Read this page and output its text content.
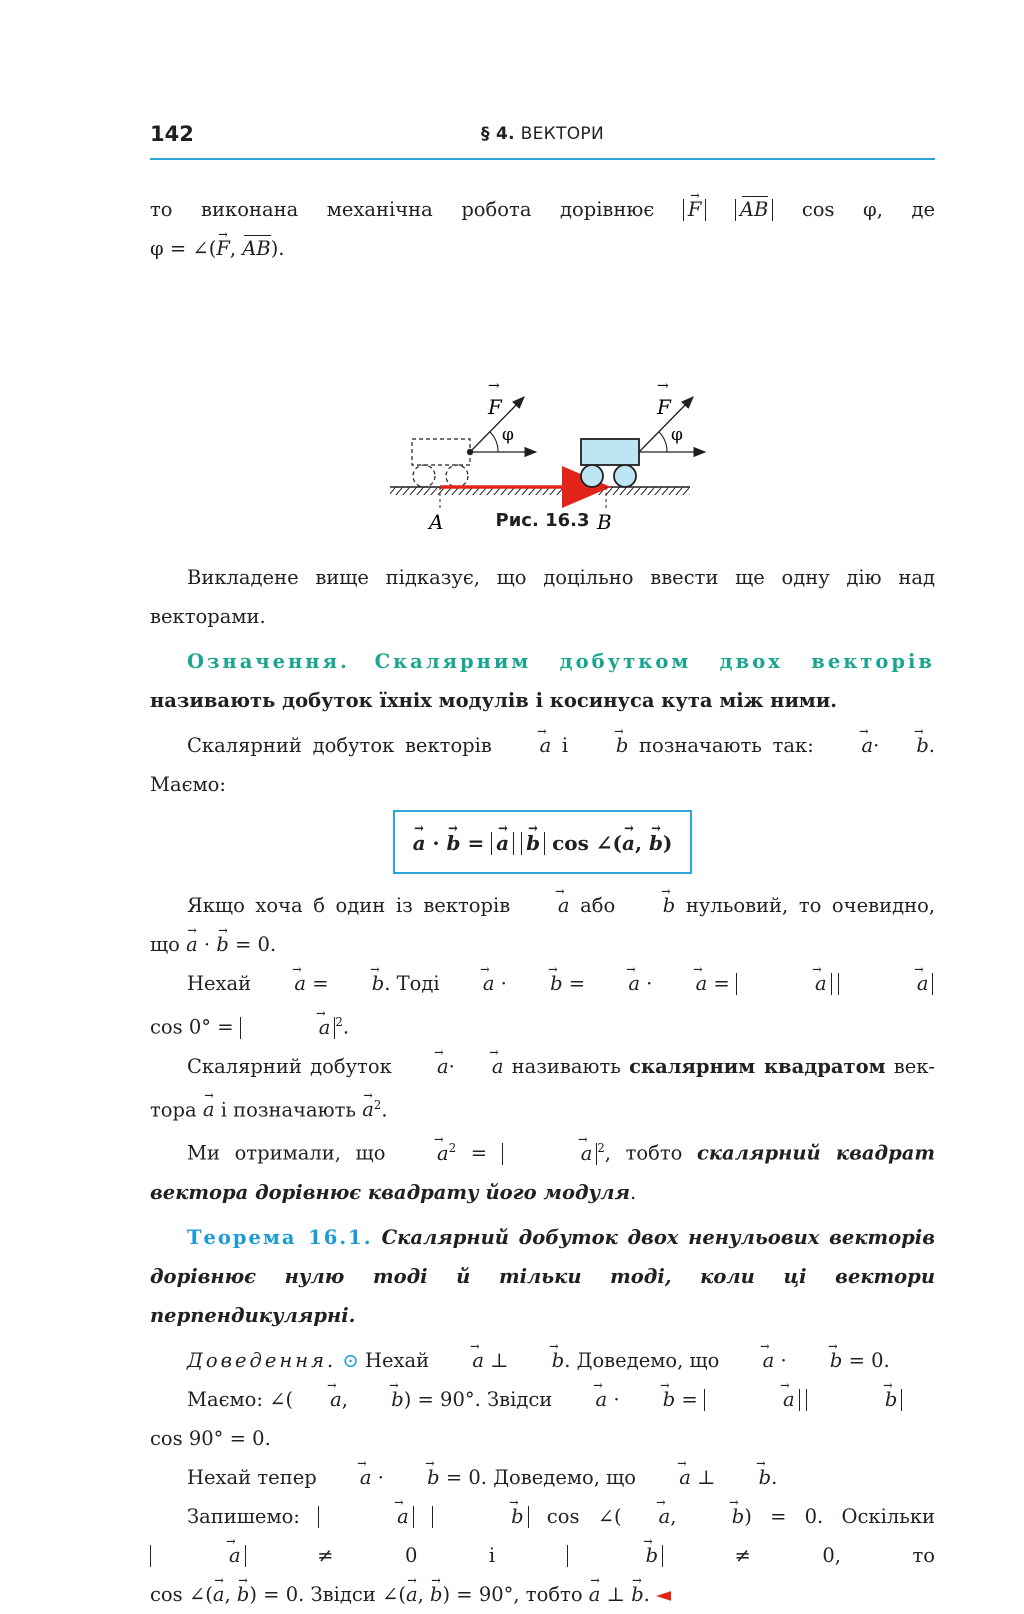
142	§ 4. ВЕКТОРИ

то виконана механічна робота дорівнює → F AB cos φ, де

φ = ∠(→ F, AB).

F
→
F
→
φ	φ
A	B
Рис. 16.3

Викладене вище підказує, що доцільно ввести ще одну дію над векторами.

Означення. Скалярним добутком двох векторів називають добуток їхніх модулів і косинуса кута між ними.

Скалярний добуток векторів → a і → b позначають так: → a· → b.

Маємо:

→ a · → b = → a → b cos ∠(→ a, → b)

Якщо хоча б один із векторів → a або → b нульовий, то очевидно,

що → a · → b = 0.

Нехай → a = → b. Тоді → a · → b = → a · → a =	→ a	→ a cos 0° =	→ a $^2$.

Скалярний добуток → a· → a називають скалярним квадратом век-

тора → a і позначають → $a^2$.

Ми отримали, що	→ $a^2$ =	→ a $^2$, тобто скалярний квадрат вектора дорівнює квадрату його модуля.

Теорема 16.1. Скалярний добуток двох ненульових векторів дорівнює нулю тоді й тільки тоді, коли ці вектори перпендикулярні.

Доведення. ⊙ Нехай → a ⊥ → b. Доведемо, що → a · → b = 0.

Маємо: ∠( → a, → b) = 90°. Звідси → a · → b =	→ a	→ b cos 90° = 0.

Нехай тепер → a · → b = 0. Доведемо, що → a ⊥ → b.

Запишемо:	→ a	→ b cos ∠( → a, → b) = 0. Оскільки → a	≠ 0 і	→ b	≠ 0, то

cos ∠(→ a, → b) = 0. Звідси ∠(→ a, → b) = 90°, тобто → a ⊥ → b. ◄
